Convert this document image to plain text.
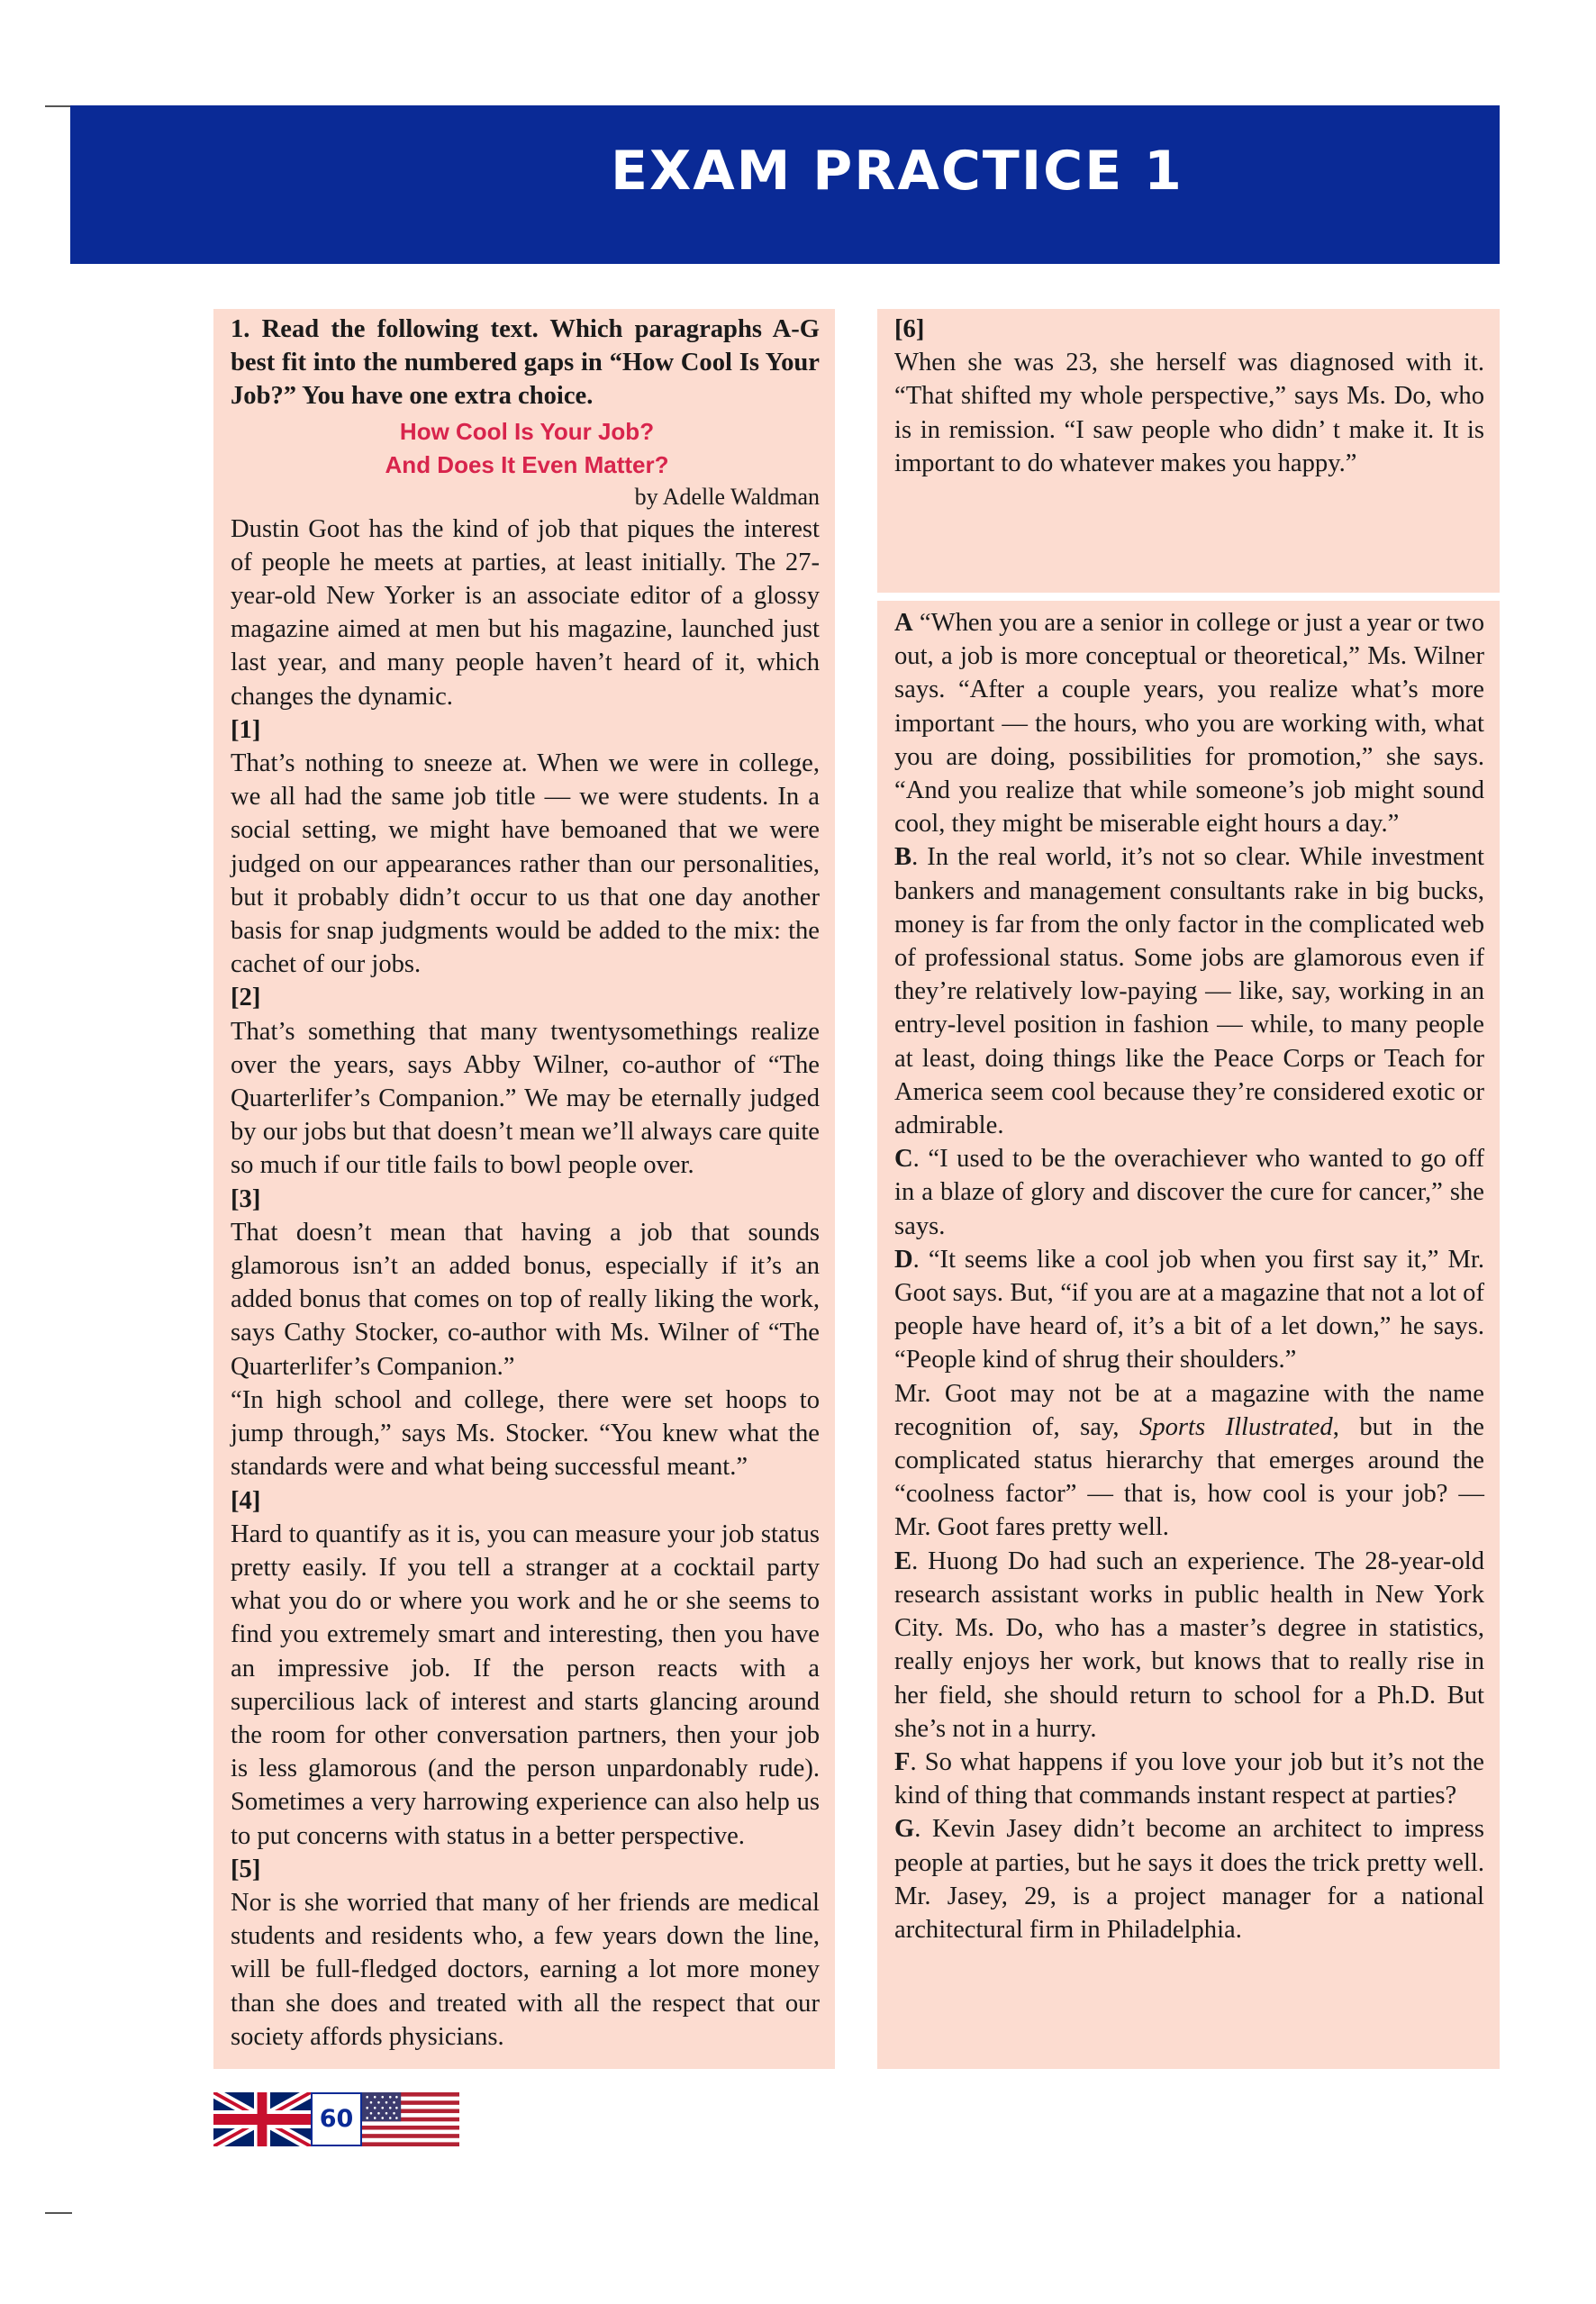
EXAM PRACTICE 1

1. Read the following text. Which paragraphs A-G best fit into the numbered gaps in “How Cool Is Your Job?” You have one extra choice.

How Cool Is Your Job?
And Does It Even Matter?
by Adelle Waldman

Dustin Goot has the kind of job that piques the interest of people he meets at parties, at least initially. The 27-year-old New Yorker is an associate editor of a glossy magazine aimed at men but his magazine, launched just last year, and many people haven’t heard of it, which changes the dynamic.

[1]

That’s nothing to sneeze at. When we were in college, we all had the same job title — we were students. In a social setting, we might have bemoaned that we were judged on our appearances rather than our personalities, but it probably didn’t occur to us that one day another basis for snap judgments would be added to the mix: the cachet of our jobs.

[2]

That’s something that many twentysomethings realize over the years, says Abby Wilner, co-author of “The Quarterlifer’s Companion.” We may be eternally judged by our jobs but that doesn’t mean we’ll always care quite so much if our title fails to bowl people over.

[3]

That doesn’t mean that having a job that sounds glamorous isn’t an added bonus, especially if it’s an added bonus that comes on top of really liking the work, says Cathy Stocker, co-author with Ms. Wilner of “The Quarterlifer’s Companion.”

“In high school and college, there were set hoops to jump through,” says Ms. Stocker. “You knew what the standards were and what being successful meant.”

[4]

Hard to quantify as it is, you can measure your job status pretty easily. If you tell a stranger at a cocktail party what you do or where you work and he or she seems to find you extremely smart and interesting, then you have an impressive job. If the person reacts with a supercilious lack of interest and starts glancing around the room for other conversation partners, then your job is less glamorous (and the person unpardonably rude). Sometimes a very harrowing experience can also help us to put concerns with status in a better perspective.

[5]

Nor is she worried that many of her friends are medical students and residents who, a few years down the line, will be full-fledged doctors, earning a lot more money than she does and treated with all the respect that our society affords physicians.

[6]

When she was 23, she herself was diagnosed with it. “That shifted my whole perspective,” says Ms. Do, who is in remission. “I saw people who didn’ t make it. It is important to do whatever makes you happy.”

A “When you are a senior in college or just a year or two out, a job is more conceptual or theoretical,” Ms. Wilner says. “After a couple years, you realize what’s more important — the hours, who you are working with, what you are doing, possibilities for promotion,” she says. “And you realize that while someone’s job might sound cool, they might be miserable eight hours a day.”

B. In the real world, it’s not so clear. While investment bankers and management consultants rake in big bucks, money is far from the only factor in the complicated web of professional status. Some jobs are glamorous even if they’re relatively low-paying — like, say, working in an entry-level position in fashion — while, to many people at least, doing things like the Peace Corps or Teach for America seem cool because they’re considered exotic or admirable.

C. “I used to be the overachiever who wanted to go off in a blaze of glory and discover the cure for cancer,” she says.

D. “It seems like a cool job when you first say it,” Mr. Goot says. But, “if you are at a magazine that not a lot of people have heard of, it’s a bit of a let down,” he says. “People kind of shrug their shoulders.”

Mr. Goot may not be at a magazine with the name recognition of, say, Sports Illustrated, but in the complicated status hierarchy that emerges around the “coolness factor” — that is, how cool is your job? — Mr. Goot fares pretty well.

E. Huong Do had such an experience. The 28-year-old research assistant works in public health in New York City. Ms. Do, who has a master’s degree in statistics, really enjoys her work, but knows that to really rise in her field, she should return to school for a Ph.D. But she’s not in a hurry.

F. So what happens if you love your job but it’s not the kind of thing that commands instant respect at parties?

G. Kevin Jasey didn’t become an architect to impress people at parties, but he says it does the trick pretty well. Mr. Jasey, 29, is a project manager for a national architectural firm in Philadelphia.

60
